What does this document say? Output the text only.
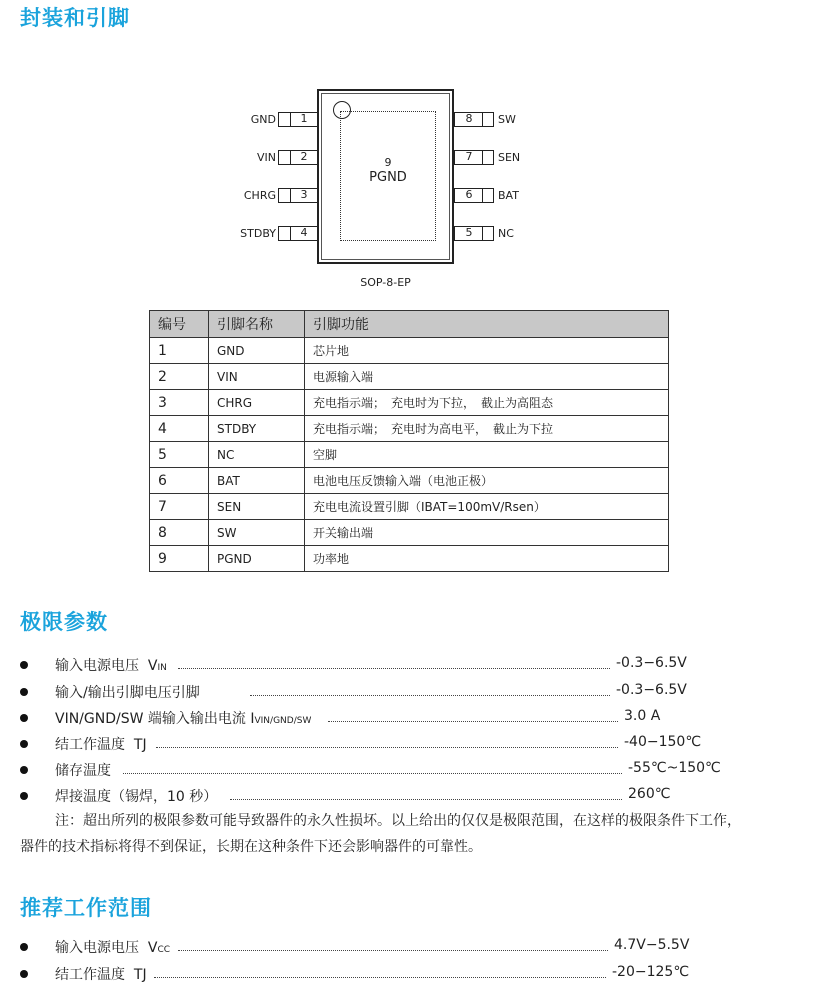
封装和引脚
9
PGND
GND	1
VIN	2
CHRG	3
STDBY	4
8	SW
7	SEN
6	BAT
5	NC
SOP-8-EP
编号	引脚名称	引脚功能
1	GND	芯片地
2	VIN	电源输入端
3	CHRG	充电指示端；　充电时为下拉，　截止为高阻态
4	STDBY	充电指示端；　充电时为高电平，　截止为下拉
5	NC	空脚
6	BAT	电池电压反馈输入端（电池正极）
7	SEN	充电电流设置引脚（IBAT=100mV/Rsen）
8	SW	开关输出端
9	PGND	功率地
极限参数
输入电源电压 VIN	-0.3−6.5V
输入/输出引脚电压引脚	-0.3−6.5V
VIN/GND/SW 端输入输出电流 IVIN/GND/SW	3.0 A
结工作温度 TJ	-40−150℃
储存温度	-55℃~150℃
焊接温度（锡焊，10 秒）	260℃
注：超出所列的极限参数可能导致器件的永久性损坏。以上给出的仅仅是极限范围，在这样的极限条件下工作，
器件的技术指标将得不到保证，长期在这种条件下还会影响器件的可靠性。
推荐工作范围
输入电源电压 VCC	4.7V−5.5V
结工作温度 TJ	-20−125℃
